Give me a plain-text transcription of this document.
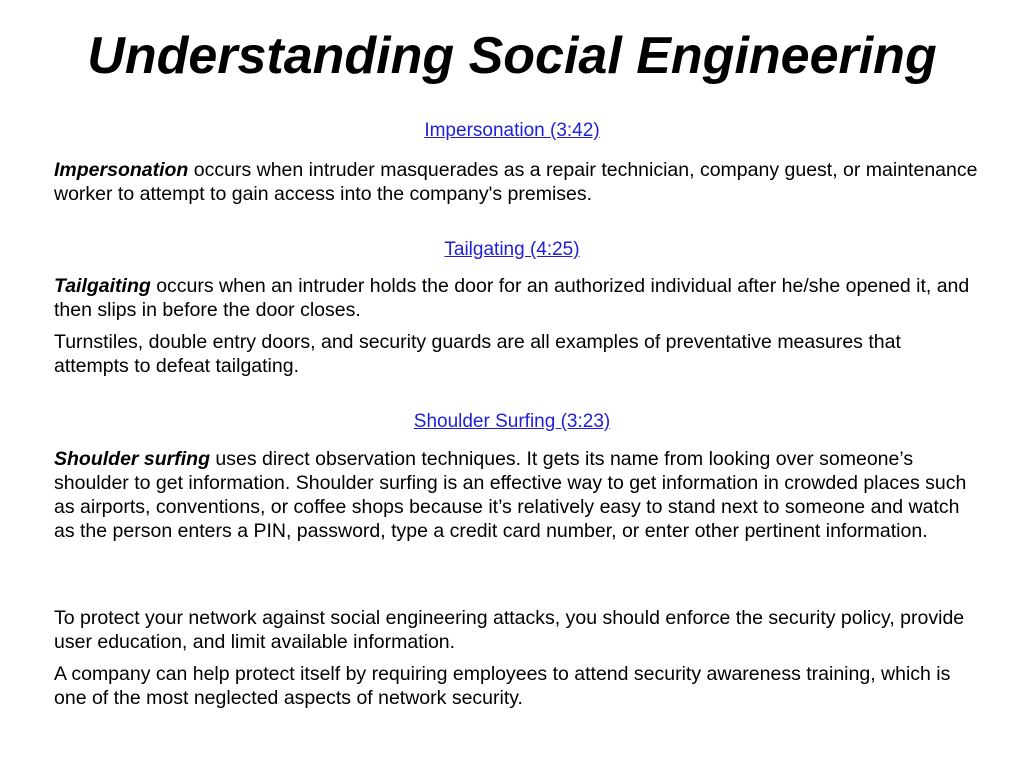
Understanding Social Engineering
Impersonation (3:42)
Impersonation occurs when intruder masquerades as a repair technician, company guest, or maintenance worker to attempt to gain access into the company's premises.
Tailgating (4:25)
Tailgaiting occurs when an intruder holds the door for an authorized individual after he/she opened it, and then slips in before the door closes.
Turnstiles, double entry doors, and security guards are all examples of preventative measures that attempts to defeat tailgating.
Shoulder Surfing (3:23)
Shoulder surfing uses direct observation techniques. It gets its name from looking over someone’s shoulder to get information. Shoulder surfing is an effective way to get information in crowded places such as airports, conventions, or coffee shops because it’s relatively easy to stand next to someone and watch as the person enters a PIN, password, type a credit card number, or enter other pertinent information.
To protect your network against social engineering attacks, you should enforce the security policy, provide user education, and limit available information.
A company can help protect itself by requiring employees to attend security awareness training, which is one of the most neglected aspects of network security.
